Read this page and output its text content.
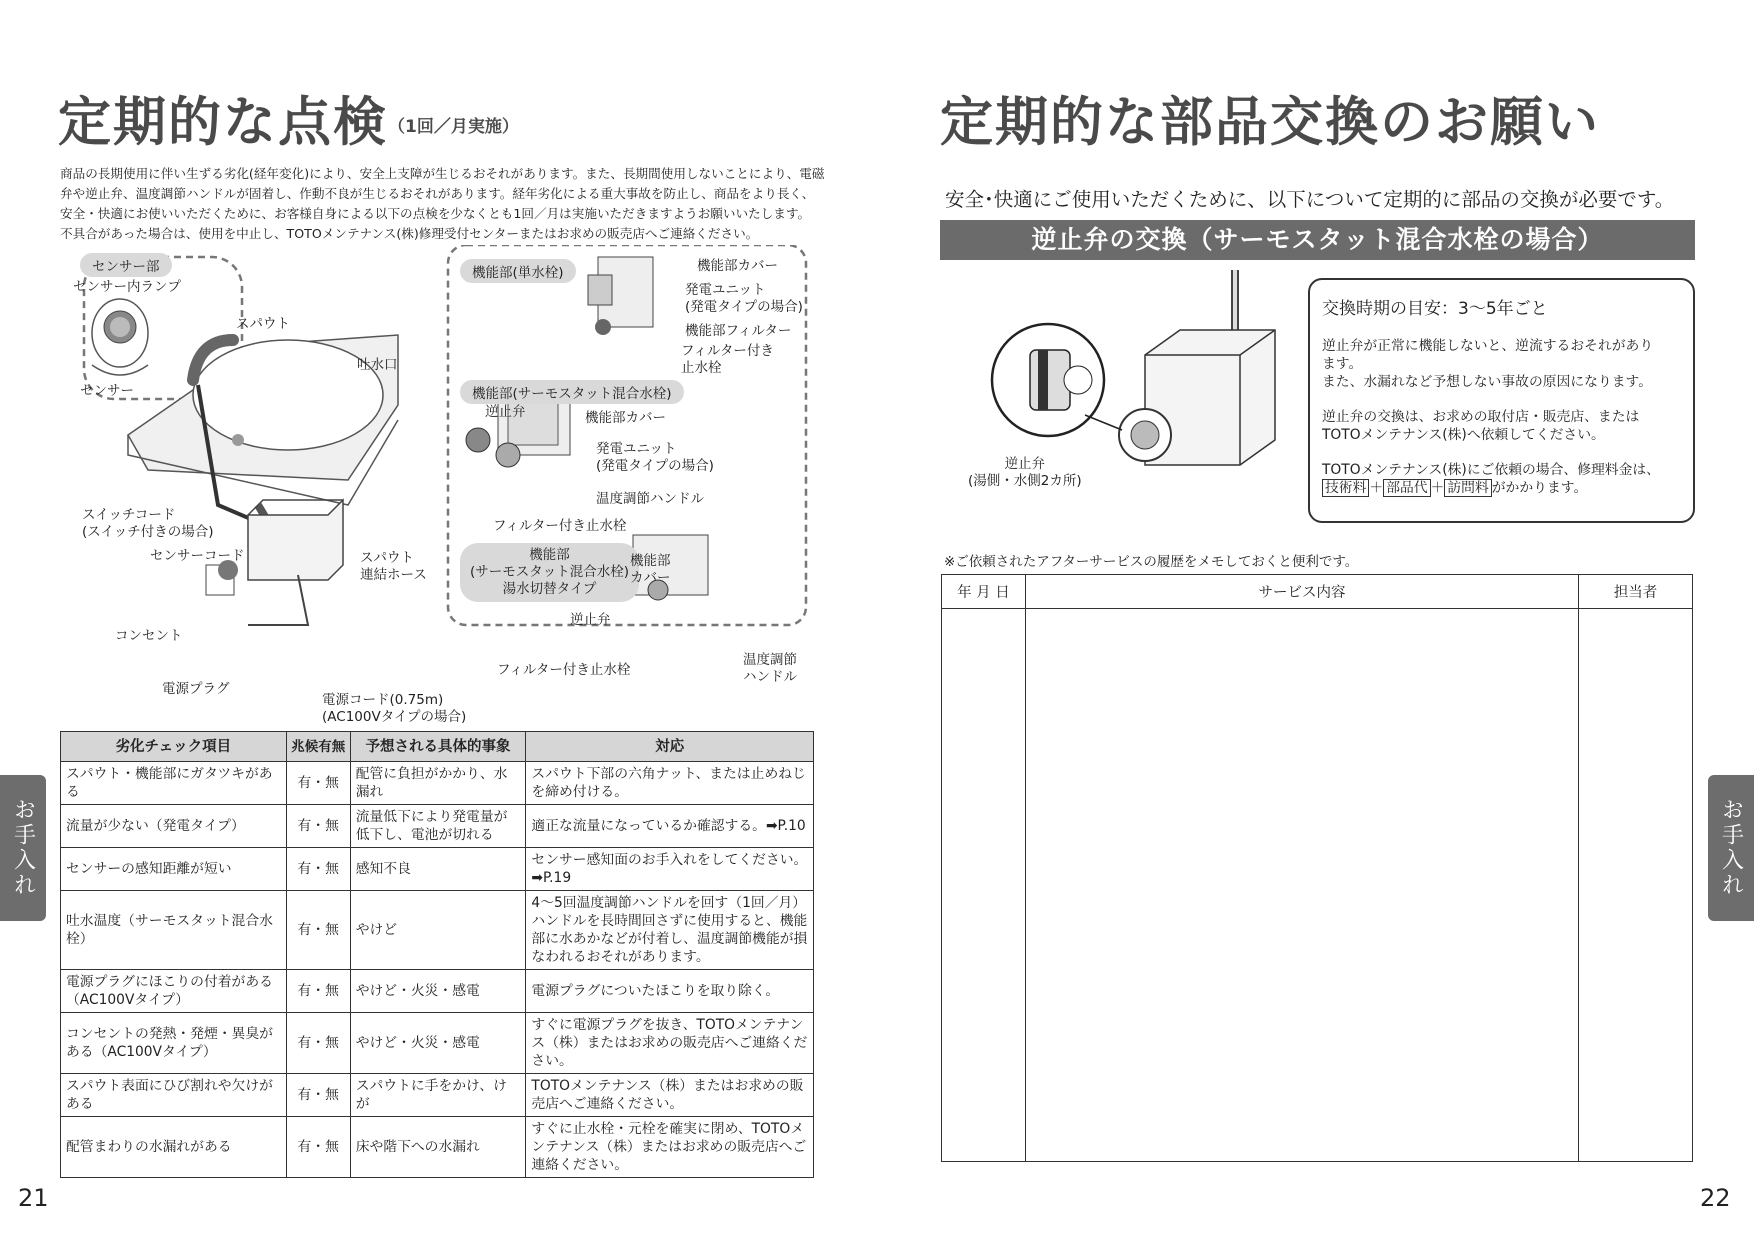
定期的な点検 （1回／月実施）
商品の長期使用に伴い生ずる劣化(経年変化)により、安全上支障が生じるおそれがあります。また、長期間使用しないことにより、電磁
弁や逆止弁、温度調節ハンドルが固着し、作動不良が生じるおそれがあります。経年劣化による重大事故を防止し、商品をより長く、
安全・快適にお使いいただくために、お客様自身による以下の点検を少なくとも1回／月は実施いただきますようお願いいたします。
不具合があった場合は、使用を中止し、TOTOメンテナンス(株)修理受付センターまたはお求めの販売店へご連絡ください。
センサー部
センサー内ランプ
センサー
スパウト
吐水口
スイッチコード
(スイッチ付きの場合)
センサーコード	スパウト
連結ホース
コンセント
電源プラグ
電源コード(0.75m)
(AC100Vタイプの場合)
機能部(単水栓)	機能部カバー
発電ユニット
(発電タイプの場合)
機能部フィルター
フィルター付き
止水栓
機能部(サーモスタット混合水栓)
逆止弁	機能部カバー
発電ユニット
(発電タイプの場合)
温度調節ハンドル
フィルター付き止水栓
機能部
(サーモスタット混合水栓)
湯水切替タイプ
機能部
カバー
逆止弁
温度調節
ハンドル
フィルター付き止水栓
劣化チェック項目	兆候有無	予想される具体的事象	対応
スパウト・機能部にガタツキがある	有・無	配管に負担がかかり、水漏れ	スパウト下部の六角ナット、または止めねじを締め付ける。
流量が少ない（発電タイプ）	有・無	流量低下により発電量が低下し、電池が切れる	適正な流量になっているか確認する。➡P.10
センサーの感知距離が短い	有・無	感知不良	センサー感知面のお手入れをしてください。➡P.19
吐水温度（サーモスタット混合水栓）	有・無	やけど	4～5回温度調節ハンドルを回す（1回／月）ハンドルを長時間回さずに使用すると、機能部に水あかなどが付着し、温度調節機能が損なわれるおそれがあります。
電源プラグにほこりの付着がある（AC100Vタイプ）	有・無	やけど・火災・感電	電源プラグについたほこりを取り除く。
コンセントの発熱・発煙・異臭がある（AC100Vタイプ）	有・無	やけど・火災・感電	すぐに電源プラグを抜き、TOTOメンテナンス（株）またはお求めの販売店へご連絡ください。
スパウト表面にひび割れや欠けがある	有・無	スパウトに手をかけ、けが	TOTOメンテナンス（株）またはお求めの販売店へご連絡ください。
配管まわりの水漏れがある	有・無	床や階下への水漏れ	すぐに止水栓・元栓を確実に閉め、TOTOメンテナンス（株）またはお求めの販売店へご連絡ください。
お手入れ
21
定期的な部品交換のお願い
安全･快適にご使用いただくために、以下について定期的に部品の交換が必要です。
逆止弁の交換（サーモスタット混合水栓の場合）
逆止弁
(湯側・水側2カ所)
交換時期の目安：3～5年ごと

逆止弁が正常に機能しないと、逆流するおそれがあり
ます。
また、水漏れなど予想しない事故の原因になります。

逆止弁の交換は、お求めの取付店・販売店、または
TOTOメンテナンス(株)へ依頼してください。

TOTOメンテナンス(株)にご依頼の場合、修理料金は、
技術料 ＋ 部品代 ＋ 訪問料 がかかります。

※ご依頼されたアフターサービスの履歴をメモしておくと便利です。
年 月 日	サービス内容	担当者

お手入れ
22
